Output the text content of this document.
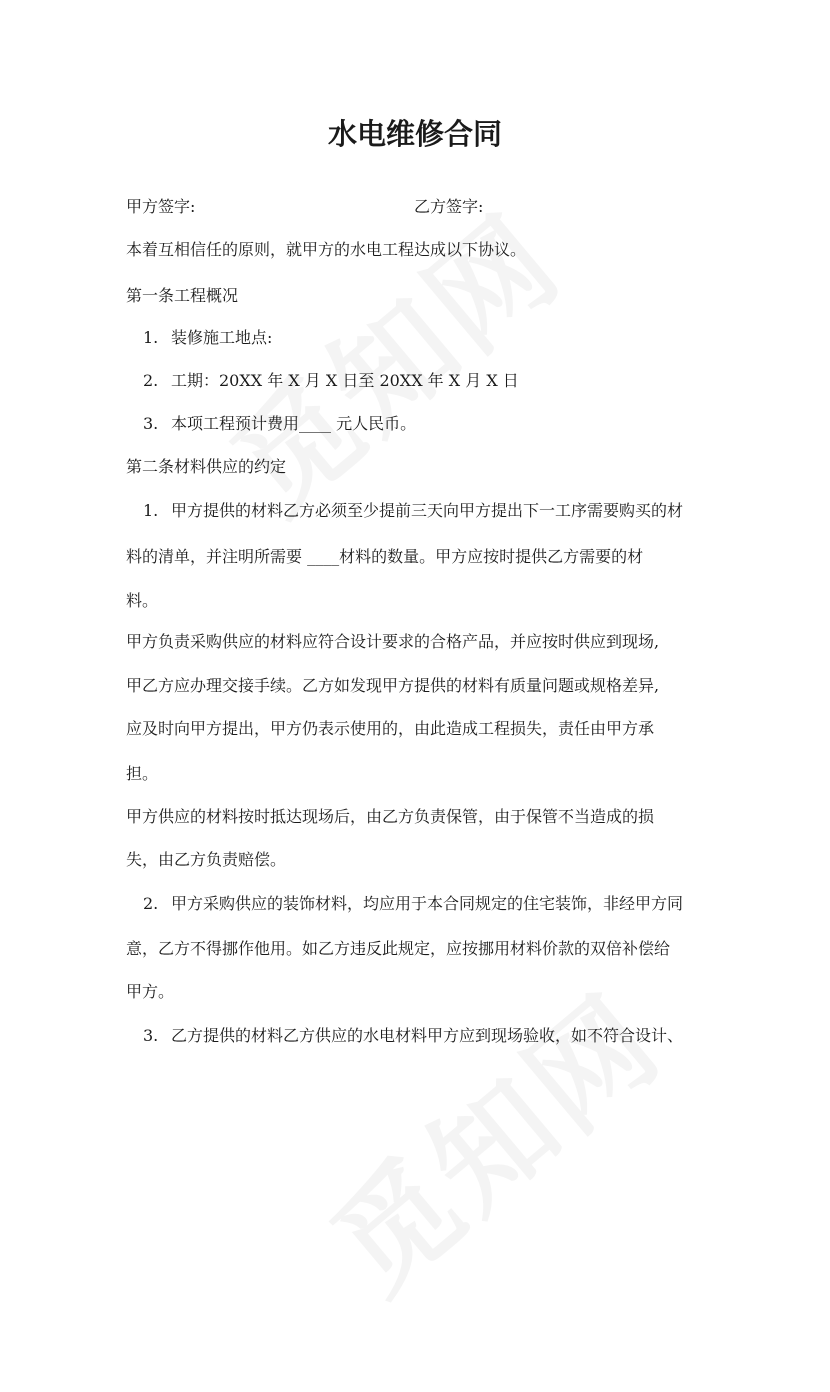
水电维修合同
甲方签字:	乙方签字:
本着互相信任的原则，就甲方的水电工程达成以下协议。
第一条工程概况
1. 装修施工地点:
2. 工期：20XX 年 X 月 X 日至 20XX 年 X 月 X 日
3. 本项工程预计费用____ 元人民币。
第二条材料供应的约定
1. 甲方提供的材料乙方必须至少提前三天向甲方提出下一工序需要购买的材
料的清单，并注明所需要 ____材料的数量。甲方应按时提供乙方需要的材
料。
甲方负责采购供应的材料应符合设计要求的合格产品，并应按时供应到现场,
甲乙方应办理交接手续。乙方如发现甲方提供的材料有质量问题或规格差异,
应及时向甲方提出，甲方仍表示使用的，由此造成工程损失，责任由甲方承
担。
甲方供应的材料按时抵达现场后，由乙方负责保管，由于保管不当造成的损
失，由乙方负责赔偿。
2. 甲方采购供应的装饰材料，均应用于本合同规定的住宅装饰，非经甲方同
意，乙方不得挪作他用。如乙方违反此规定，应按挪用材料价款的双倍补偿给
甲方。
3. 乙方提供的材料乙方供应的水电材料甲方应到现场验收，如不符合设计、
